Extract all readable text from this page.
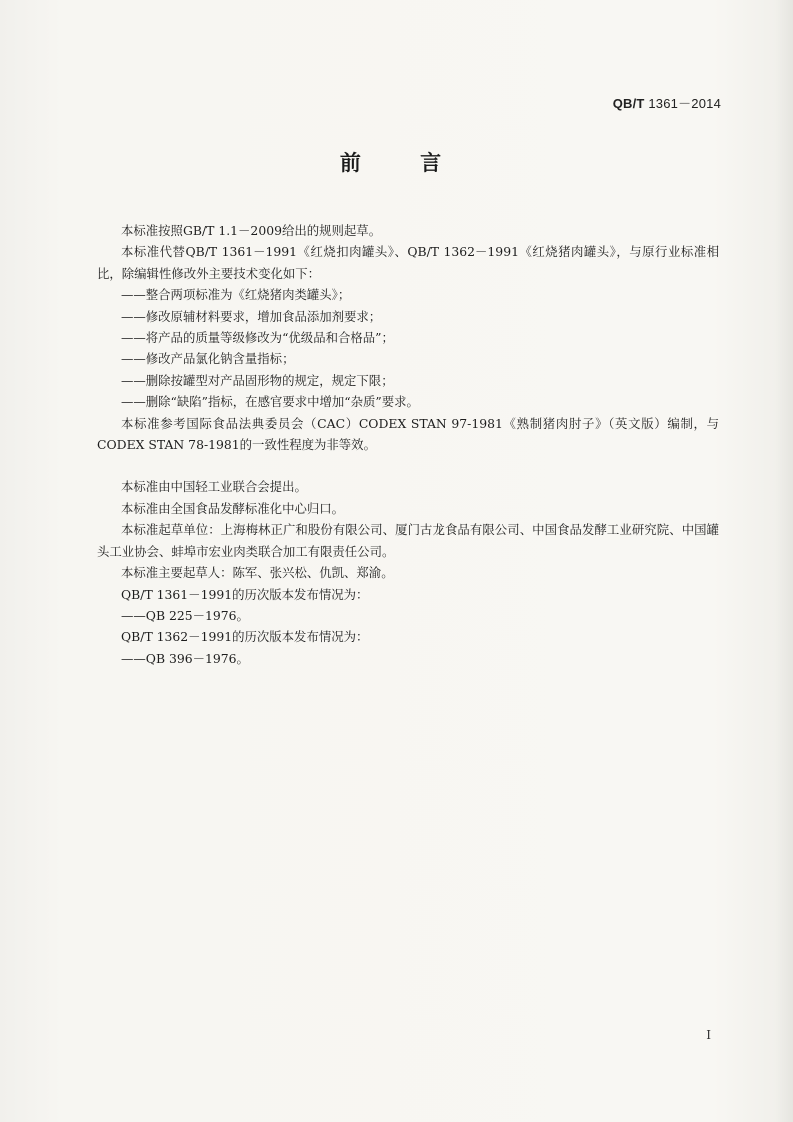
QB/T 1361－2014
前 言

本标准按照GB/T 1.1－2009给出的规则起草。

本标准代替QB/T 1361－1991《红烧扣肉罐头》、QB/T 1362－1991《红烧猪肉罐头》，与原行业标准相比，除编辑性修改外主要技术变化如下：

——整合两项标准为《红烧猪肉类罐头》；

——修改原辅材料要求，增加食品添加剂要求；

——将产品的质量等级修改为“优级品和合格品”；

——修改产品氯化钠含量指标；

——删除按罐型对产品固形物的规定，规定下限；

——删除“缺陷”指标，在感官要求中增加“杂质”要求。

本标准参考国际食品法典委员会（CAC）CODEX STAN 97-1981《熟制猪肉肘子》（英文版）编制，与CODEX STAN 78-1981的一致性程度为非等效。

本标准由中国轻工业联合会提出。

本标准由全国食品发酵标准化中心归口。

本标准起草单位：上海梅林正广和股份有限公司、厦门古龙食品有限公司、中国食品发酵工业研究院、中国罐头工业协会、蚌埠市宏业肉类联合加工有限责任公司。

本标准主要起草人：陈军、张兴松、仇凯、郑渝。

QB/T 1361－1991的历次版本发布情况为：

——QB 225－1976。

QB/T 1362－1991的历次版本发布情况为：

——QB 396－1976。

I
